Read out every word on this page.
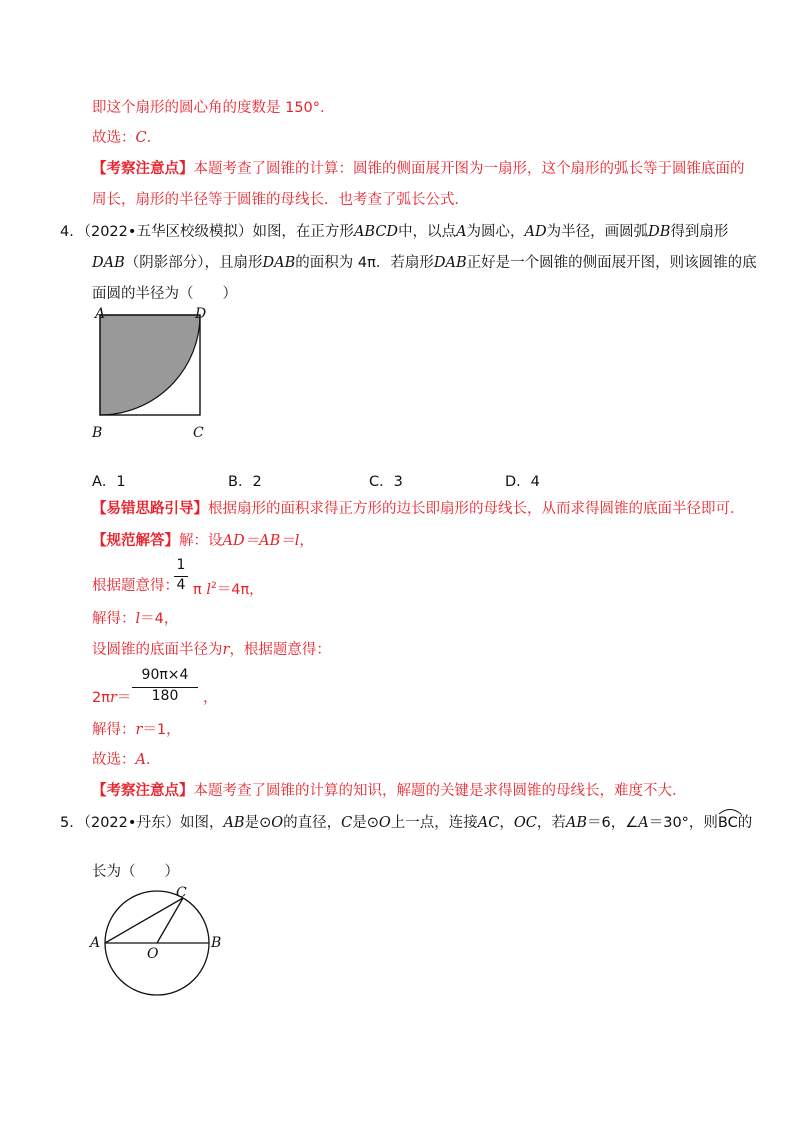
即这个扇形的圆心角的度数是 150°．
故选：C．
【考察注意点】本题考查了圆锥的计算：圆锥的侧面展开图为一扇形，这个扇形的弧长等于圆锥底面的
周长，扇形的半径等于圆锥的母线长．也考查了弧长公式．
4．（2022•五华区校级模拟）如图，在正方形ABCD中，以点A为圆心，AD为半径，画圆弧DB得到扇形
DAB（阴影部分），且扇形DAB的面积为 4π．若扇形DAB正好是一个圆锥的侧面展开图，则该圆锥的底
面圆的半径为（　　）
A	D
B	C
A．1	B．2	C．3	D．4
【易错思路引导】根据扇形的面积求得正方形的边长即扇形的母线长，从而求得圆锥的底面半径即可．
【规范解答】解：设AD＝AB＝l，
1
4
根据题意得： π $l^2=4\pi$，
解得：l＝4，
设圆锥的底面半径为r，根据题意得：
90π×4
180
2πr＝	，
解得：r＝1，
故选：A．
【考察注意点】本题考查了圆锥的计算的知识，解题的关键是求得圆锥的母线长，难度不大．
5．（2022•丹东）如图，AB是⊙O的直径，C是⊙O上一点，连接AC，OC，若AB＝6，∠A＝30°，则
BC的
长为（　　）
A	B
C
O
